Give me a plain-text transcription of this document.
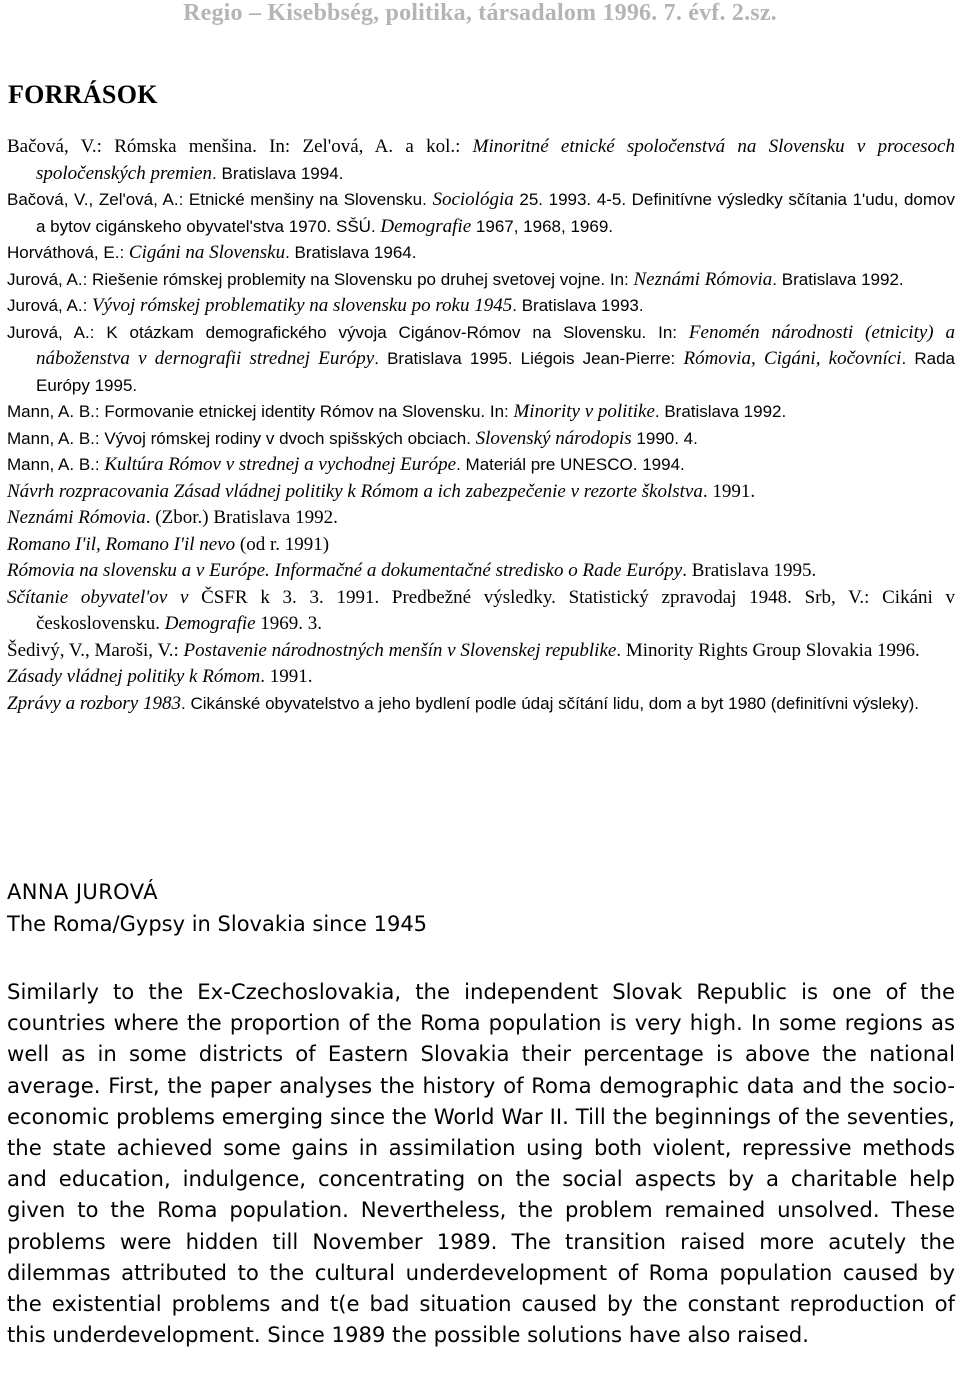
Regio – Kisebbség, politika, társadalom 1996. 7. évf. 2.sz.
FORRÁSOK

Bačová, V.: Rómska menšina. In: Zel'ová, A. a kol.: Minoritné etnické spoločenstvá na Slovensku v procesoch spoločenských premien. Bratislava 1994.

Bačová, V., Zel'ová, A.: Etnické menšiny na Slovensku. Sociológia 25. 1993. 4-5. Definitívne výsledky sčítania 1'udu, domov a bytov cigánskeho obyvatel'stva 1970. SŠÚ. Demografie 1967, 1968, 1969.

Horváthová, E.: Cigáni na Slovensku. Bratislava 1964.

Jurová, A.: Riešenie rómskej problemity na Slovensku po druhej svetovej vojne. In: Neznámi Rómovia. Bratislava 1992.

Jurová, A.: Vývoj rómskej problematiky na slovensku po roku 1945. Bratislava 1993.

Jurová, A.: K otázkam demografického vývoja Cigánov-Rómov na Slovensku. In: Fenomén národnosti (etnicity) a náboženstva v dernografii strednej Európy. Bratislava 1995. Liégois Jean-Pierre: Rómovia, Cigáni, kočovníci. Rada Európy 1995.

Mann, A. B.: Formovanie etnickej identity Rómov na Slovensku. In: Minority v politike. Bratislava 1992.

Mann, A. B.: Vývoj rómskej rodiny v dvoch spišských obciach. Slovenský národopis 1990. 4.

Mann, A. B.: Kultúra Rómov v strednej a vychodnej Európe. Materiál pre UNESCO. 1994.

Návrh rozpracovania Zásad vládnej politiky k Rómom a ich zabezpečenie v rezorte školstva. 1991.

Neznámi Rómovia. (Zbor.) Bratislava 1992.

Romano I'il, Romano I'il nevo (od r. 1991)

Rómovia na slovensku a v Európe. Informačné a dokumentačné stredisko o Rade Európy. Bratislava 1995.

Sčítanie obyvatel'ov v ČSFR k 3. 3. 1991. Predbežné výsledky. Statistický zpravodaj 1948. Srb, V.: Cikáni v československu. Demografie 1969. 3.

Šedivý, V., Maroši, V.: Postavenie národnostných menšín v Slovenskej republike. Minority Rights Group Slovakia 1996.

Zásady vládnej politiky k Rómom. 1991.

Zprávy a rozbory 1983. Cikánské obyvatelstvo a jeho bydlení podle údaj sčítání lidu, dom a byt 1980 (definitívni výsleky).

ANNA JUROVÁ
The Roma/Gypsy in Slovakia since 1945

Similarly to the Ex-Czechoslovakia, the independent Slovak Republic is one of the countries where the proportion of the Roma population is very high. In some regions as well as in some districts of Eastern Slovakia their percentage is above the national average. First, the paper analyses the history of Roma demographic data and the socio-economic problems emerging since the World War II. Till the beginnings of the seventies, the state achieved some gains in assimilation using both violent, repressive methods and education, indulgence, concentrating on the social aspects by a charitable help given to the Roma population. Nevertheless, the problem remained unsolved. These problems were hidden till November 1989. The transition raised more acutely the dilemmas attributed to the cultural underdevelopment of Roma population caused by the existential problems and t(e bad situation caused by the constant reproduction of this underdevelopment. Since 1989 the possible solutions have also raised.
